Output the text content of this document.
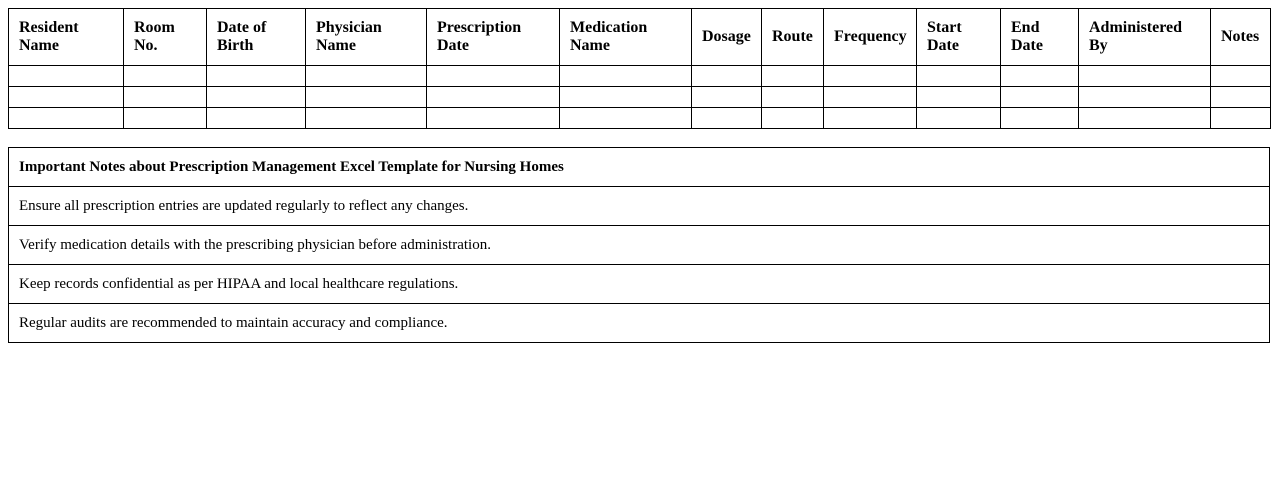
Resident Name	Room No.	Date of Birth	Physician Name	Prescription Date	Medication Name	Dosage	Route	Frequency	Start Date	End Date	Administered By	Notes

Important Notes about Prescription Management Excel Template for Nursing Homes
Ensure all prescription entries are updated regularly to reflect any changes.
Verify medication details with the prescribing physician before administration.
Keep records confidential as per HIPAA and local healthcare regulations.
Regular audits are recommended to maintain accuracy and compliance.
